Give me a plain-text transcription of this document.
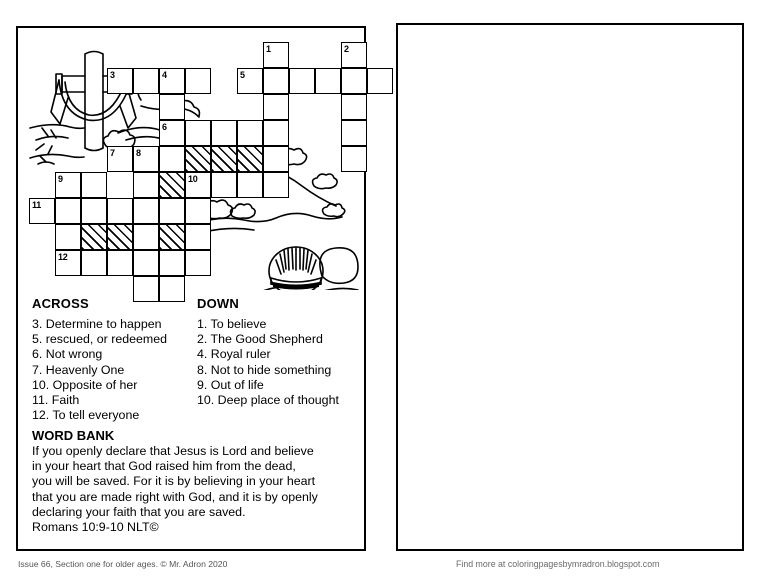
1	2
3	4	5
6
7 8
9	10
11
12
ACROSS
3. Determine to happen
5. rescued, or redeemed
6. Not wrong
7. Heavenly One
10. Opposite of her
11. Faith
12. To tell everyone
DOWN
1. To believe
2. The Good Shepherd
4. Royal ruler
8. Not to hide something
9. Out of life
10. Deep place of thought
WORD BANK

If you openly declare that Jesus is Lord and believe

in your heart that God raised him from the dead,

you will be saved. For it is by believing in your heart

that you are made right with God, and it is by openly

declaring your faith that you are saved.

Romans 10:9-10 NLT©

Issue 66, Section one for older ages. © Mr. Adron 2020	Find more at coloringpagesbymradron.blogspot.com
